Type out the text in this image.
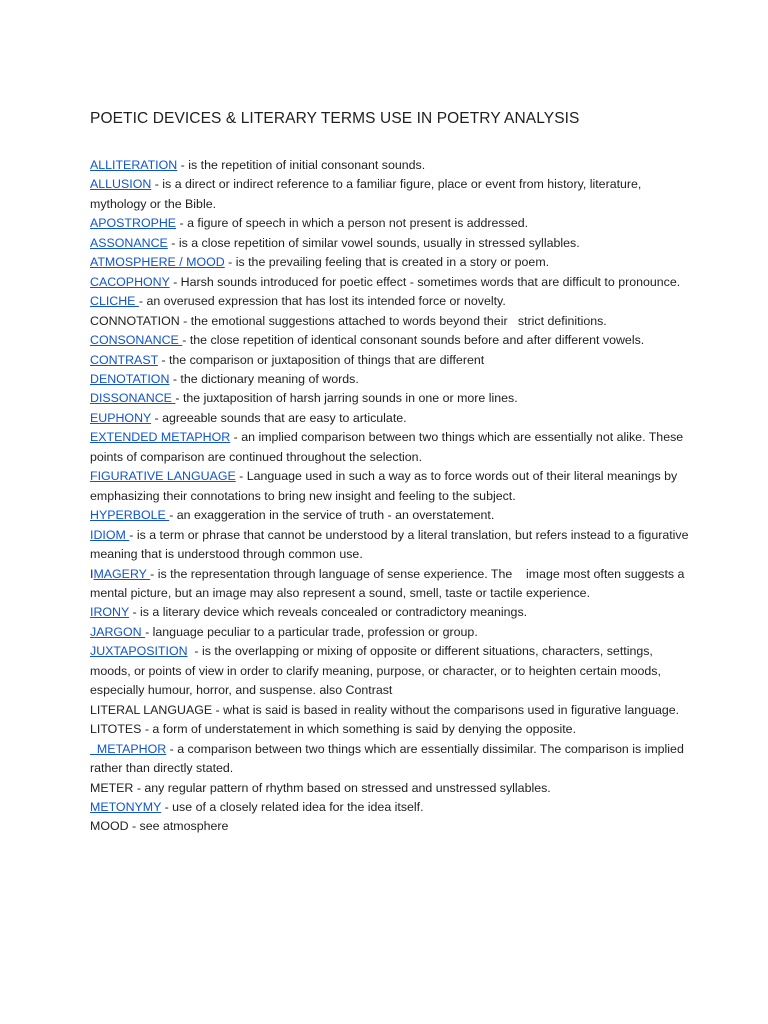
POETIC DEVICES & LITERARY TERMS USE IN POETRY ANALYSIS

ALLITERATION - is the repetition of initial consonant sounds.

ALLUSION - is a direct or indirect reference to a familiar figure, place or event from history, literature, mythology or the Bible.

APOSTROPHE - a figure of speech in which a person not present is addressed.

ASSONANCE - is a close repetition of similar vowel sounds, usually in stressed syllables.

ATMOSPHERE / MOOD - is the prevailing feeling that is created in a story or poem.

CACOPHONY - Harsh sounds introduced for poetic effect - sometimes words that are difficult to pronounce.

CLICHE - an overused expression that has lost its intended force or novelty.

CONNOTATION - the emotional suggestions attached to words beyond their   strict definitions.

CONSONANCE - the close repetition of identical consonant sounds before and after different vowels.

CONTRAST - the comparison or juxtaposition of things that are different

DENOTATION - the dictionary meaning of words.

DISSONANCE - the juxtaposition of harsh jarring sounds in one or more lines.

EUPHONY - agreeable sounds that are easy to articulate.

EXTENDED METAPHOR - an implied comparison between two things which are essentially not alike. These points of comparison are continued throughout the selection.

FIGURATIVE LANGUAGE - Language used in such a way as to force words out of their literal meanings by emphasizing their connotations to bring new insight and feeling to the subject.

HYPERBOLE - an exaggeration in the service of truth - an overstatement.

IDIOM - is a term or phrase that cannot be understood by a literal translation, but refers instead to a figurative meaning that is understood through common use.

IMAGERY - is the representation through language of sense experience. The    image most often suggests a mental picture, but an image may also represent a sound, smell, taste or tactile experience.

IRONY - is a literary device which reveals concealed or contradictory meanings.

JARGON - language peculiar to a particular trade, profession or group.

JUXTAPOSITION  - is the overlapping or mixing of opposite or different situations, characters, settings, moods, or points of view in order to clarify meaning, purpose, or character, or to heighten certain moods, especially humour, horror, and suspense. also Contrast

LITERAL LANGUAGE - what is said is based in reality without the comparisons used in figurative language.

LITOTES - a form of understatement in which something is said by denying the opposite.

METAPHOR - a comparison between two things which are essentially dissimilar. The comparison is implied rather than directly stated.

METER - any regular pattern of rhythm based on stressed and unstressed syllables.

METONYMY - use of a closely related idea for the idea itself.

MOOD - see atmosphere
